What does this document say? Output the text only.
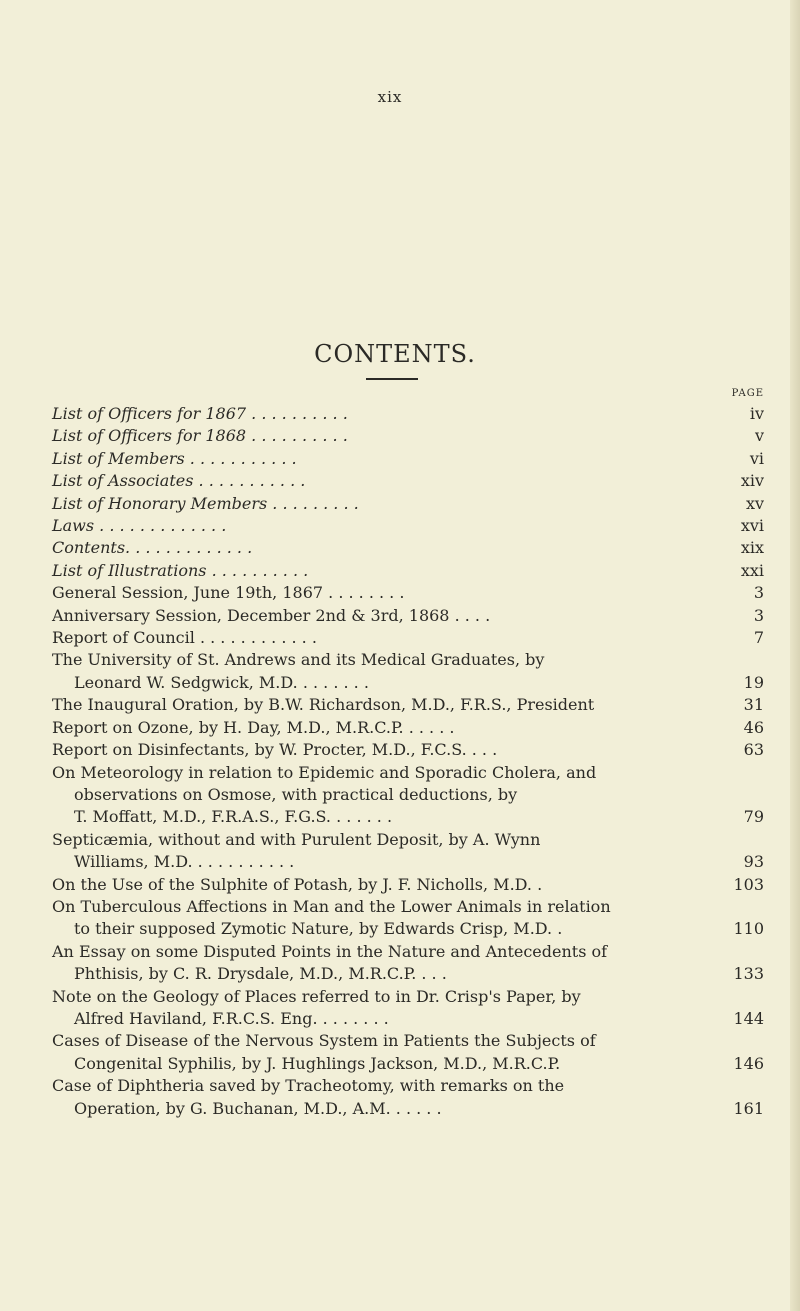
xix
CONTENTS.
PAGE
List of Officers for 1867 . . . . . . . . . .	iv
List of Officers for 1868 . . . . . . . . . .	v
List of Members . . . . . . . . . . .	vi
List of Associates . . . . . . . . . . .	xiv
List of Honorary Members . . . . . . . . .	xv
Laws . . . . . . . . . . . . .	xvi
Contents. . . . . . . . . . . . .	xix
List of Illustrations . . . . . . . . . .	xxi
General Session, June 19th, 1867 . . . . . . . .	3
Anniversary Session, December 2nd & 3rd, 1868 . . . .	3
Report of Council . . . . . . . . . . . .	7
The University of St. Andrews and its Medical Graduates, by
Leonard W. Sedgwick, M.D. . . . . . . .	19
The Inaugural Oration, by B.W. Richardson, M.D., F.R.S., President	31
Report on Ozone, by H. Day, M.D., M.R.C.P. . . . . .	46
Report on Disinfectants, by W. Procter, M.D., F.C.S. . . .	63
On Meteorology in relation to Epidemic and Sporadic Cholera, and
observations on Osmose, with practical deductions, by
T. Moffatt, M.D., F.R.A.S., F.G.S. . . . . . .	79
Septicæmia, without and with Purulent Deposit, by A. Wynn
Williams, M.D. . . . . . . . . . .	93
On the Use of the Sulphite of Potash, by J. F. Nicholls, M.D. .	103
On Tuberculous Affections in Man and the Lower Animals in relation
to their supposed Zymotic Nature, by Edwards Crisp, M.D. .	110
An Essay on some Disputed Points in the Nature and Antecedents of
Phthisis, by C. R. Drysdale, M.D., M.R.C.P. . . .	133
Note on the Geology of Places referred to in Dr. Crisp's Paper, by
Alfred Haviland, F.R.C.S. Eng. . . . . . . .	144
Cases of Disease of the Nervous System in Patients the Subjects of
Congenital Syphilis, by J. Hughlings Jackson, M.D., M.R.C.P.	146
Case of Diphtheria saved by Tracheotomy, with remarks on the
Operation, by G. Buchanan, M.D., A.M. . . . . .	161
